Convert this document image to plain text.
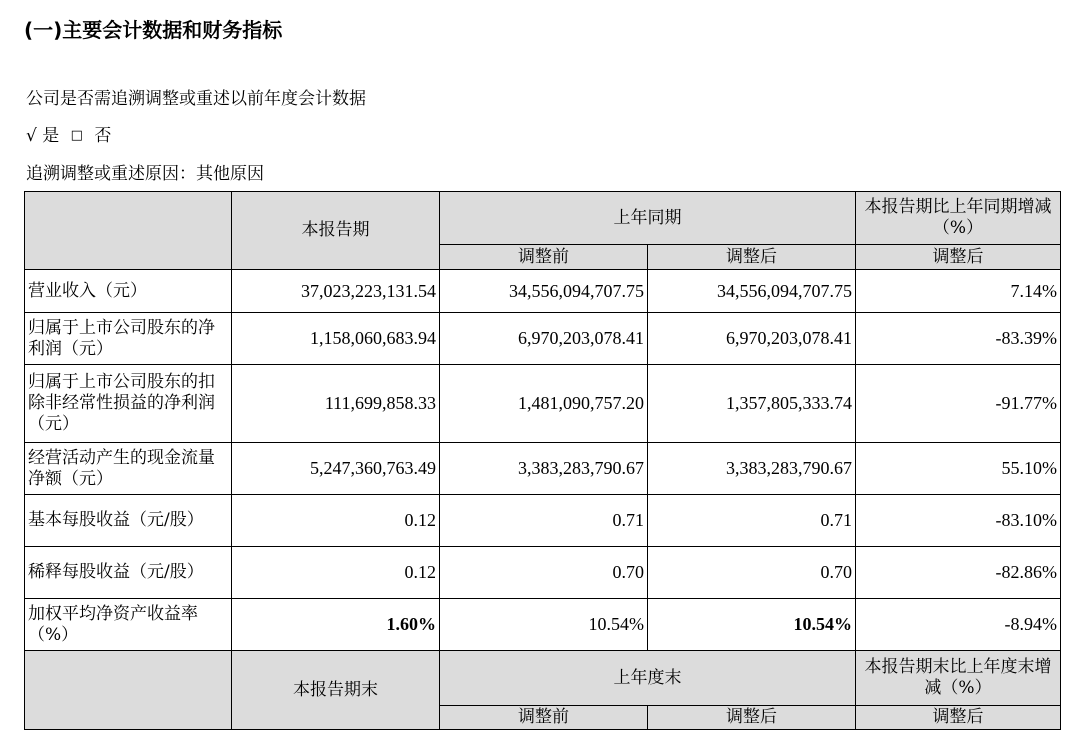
(一)主要会计数据和财务指标
公司是否需追溯调整或重述以前年度会计数据
√ 是 □ 否
追溯调整或重述原因：其他原因
	本报告期	上年同期		本报告期比上年同期增减（%）
		调整前	调整后	调整后
营业收入（元）	37,023,223,131.54	34,556,094,707.75	34,556,094,707.75	7.14%
归属于上市公司股东的净利润（元）	1,158,060,683.94	6,970,203,078.41	6,970,203,078.41	-83.39%
归属于上市公司股东的扣除非经常性损益的净利润（元）	111,699,858.33	1,481,090,757.20	1,357,805,333.74	-91.77%
经营活动产生的现金流量净额（元）	5,247,360,763.49	3,383,283,790.67	3,383,283,790.67	55.10%
基本每股收益（元/股）	0.12	0.71	0.71	-83.10%
稀释每股收益（元/股）	0.12	0.70	0.70	-82.86%
加权平均净资产收益率（%）	1.60%	10.54%	10.54%	-8.94%
	本报告期末	上年度末		本报告期末比上年度末增减（%）
		调整前	调整后	调整后
